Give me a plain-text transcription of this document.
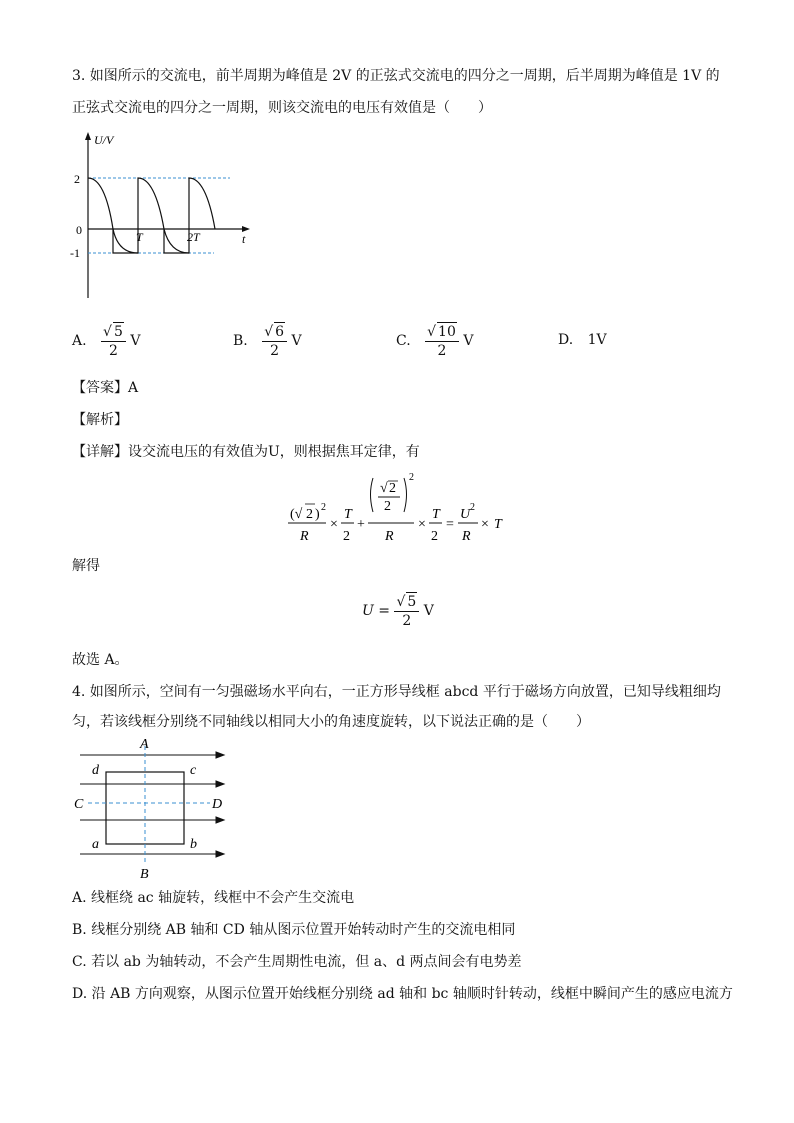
3. 如图所示的交流电，前半周期为峰值是 2V 的正弦式交流电的四分之一周期，后半周期为峰值是 1V 的
正弦式交流电的四分之一周期，则该交流电的电压有效值是（　　）
U/V
2
0
-1
T	2T	t
A. $\frac{√ 5}{2}$ V	B. $\frac{√ 6}{2}$ V	C. $\frac{√ 10}{2}$ V	D. 1V
【答案】A
【解析】
【详解】设交流电压的有效值为U，则根据焦耳定律，有
(√ 2 ) 2
R
×
T
2
+
√ 2
2
2
R
×
T
2
=
U 2
R
× T
解得
$U = \frac{√ 5}{2}$ V
故选 A。
4. 如图所示，空间有一匀强磁场水平向右，一正方形导线框 abcd 平行于磁场方向放置，已知导线粗细均
匀，若该线框分别绕不同轴线以相同大小的角速度旋转，以下说法正确的是（　　）
A
B
C	D
d	c
a	b
A. 线框绕 ac 轴旋转，线框中不会产生交流电
B. 线框分别绕 AB 轴和 CD 轴从图示位置开始转动时产生的交流电相同
C. 若以 ab 为轴转动，不会产生周期性电流，但 a、d 两点间会有电势差
D. 沿 AB 方向观察，从图示位置开始线框分别绕 ad 轴和 bc 轴顺时针转动，线框中瞬间产生的感应电流方
